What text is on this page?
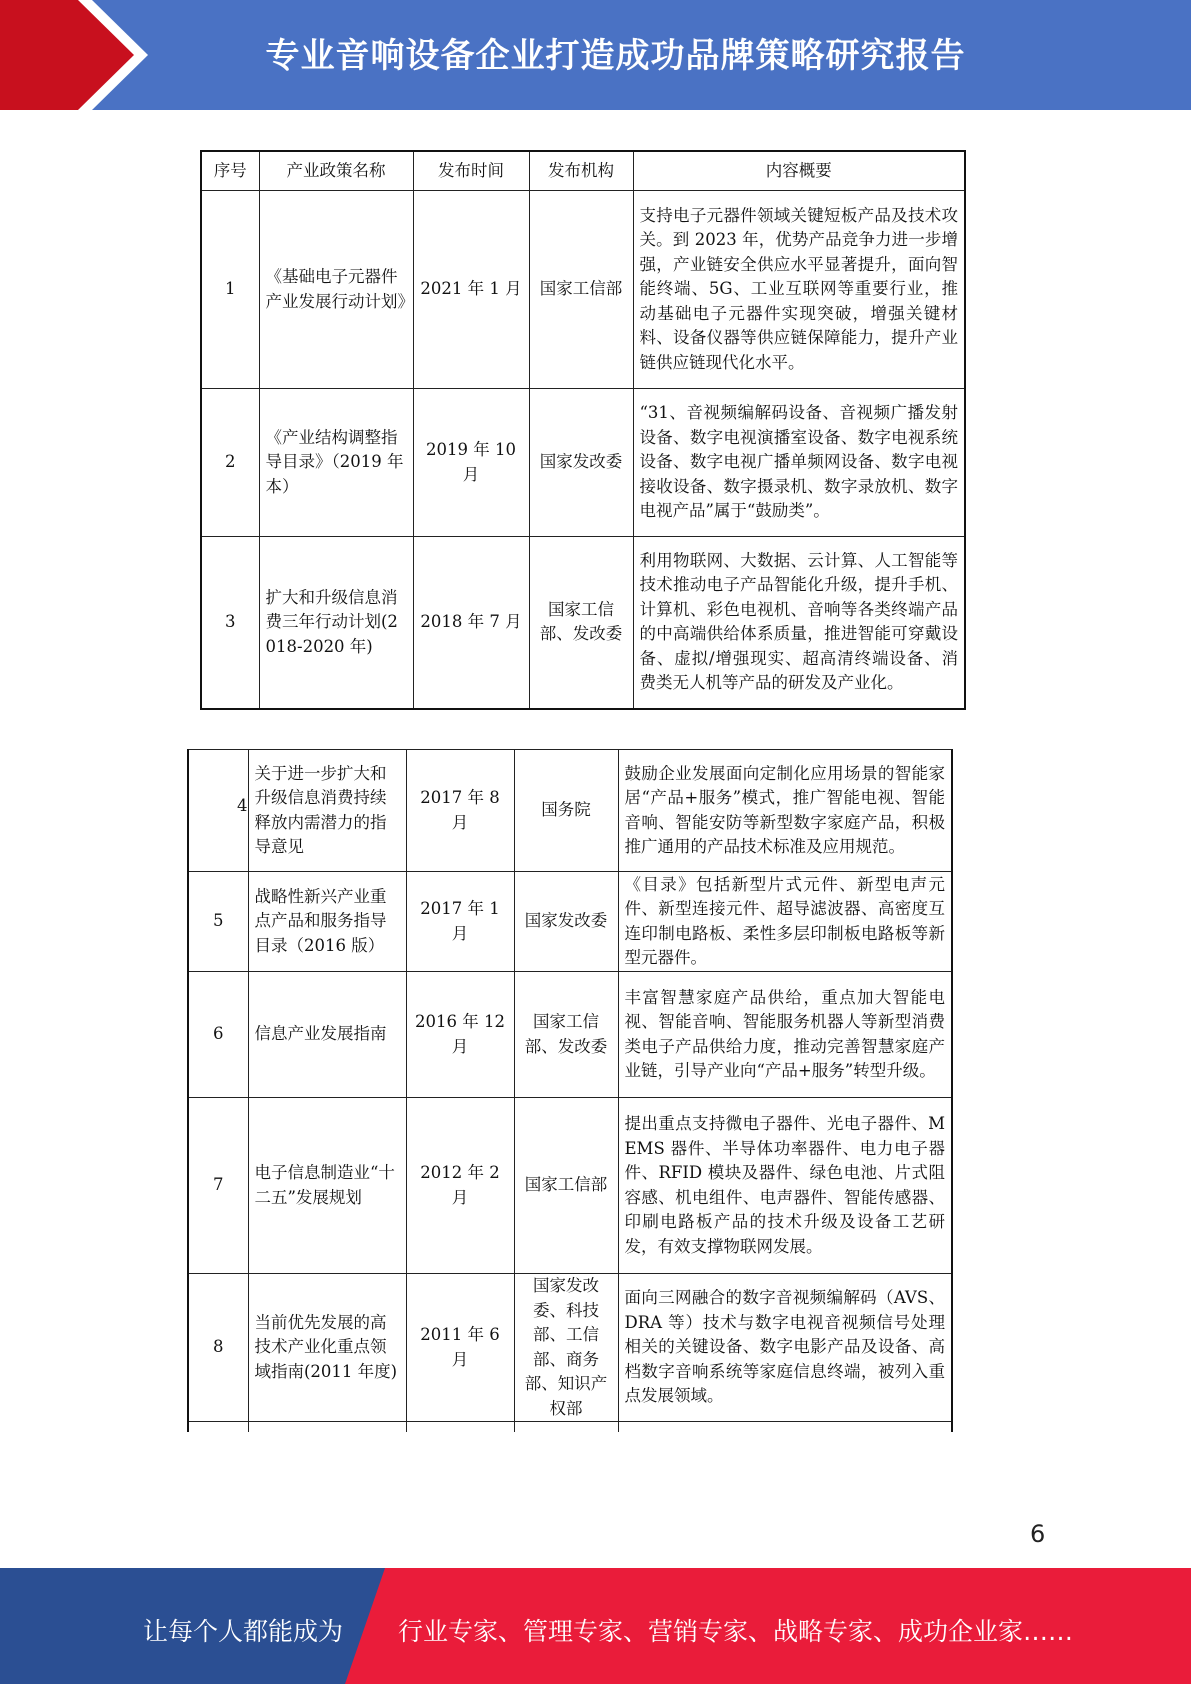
专业音响设备企业打造成功品牌策略研究报告
序号	产业政策名称	发布时间	发布机构	内容概要
1	《基础电子元器件产业发展行动计划》	2021 年 1 月	国家工信部	支持电子元器件领域关键短板产品及技术攻关。到 2023 年，优势产品竞争力进一步增强，产业链安全供应水平显著提升，面向智能终端、5G、工业互联网等重要行业，推动基础电子元器件实现突破，增强关键材料、设备仪器等供应链保障能力，提升产业链供应链现代化水平。
2	《产业结构调整指导目录》（2019 年本）	2019 年 10 月	国家发改委	“31、音视频编解码设备、音视频广播发射设备、数字电视演播室设备、数字电视系统设备、数字电视广播单频网设备、数字电视接收设备、数字摄录机、数字录放机、数字电视产品”属于“鼓励类”。
3	扩大和升级信息消费三年行动计划(2018-2020 年)	2018 年 7 月	国家工信部、发改委	利用物联网、大数据、云计算、人工智能等技术推动电子产品智能化升级，提升手机、计算机、彩色电视机、音响等各类终端产品的中高端供给体系质量，推进智能可穿戴设备、虚拟/增强现实、超高清终端设备、消费类无人机等产品的研发及产业化。
4	关于进一步扩大和升级信息消费持续释放内需潜力的指导意见	2017 年 8 月	国务院	鼓励企业发展面向定制化应用场景的智能家居“产品+服务”模式，推广智能电视、智能音响、智能安防等新型数字家庭产品，积极推广通用的产品技术标准及应用规范。
5	战略性新兴产业重点产品和服务指导目录（2016 版）	2017 年 1 月	国家发改委	《目录》包括新型片式元件、新型电声元件、新型连接元件、超导滤波器、高密度互连印制电路板、柔性多层印制板电路板等新型元器件。
6	信息产业发展指南	2016 年 12 月	国家工信部、发改委	丰富智慧家庭产品供给，重点加大智能电视、智能音响、智能服务机器人等新型消费类电子产品供给力度，推动完善智慧家庭产业链，引导产业向“产品+服务”转型升级。
7	电子信息制造业“十二五”发展规划	2012 年 2 月	国家工信部	提出重点支持微电子器件、光电子器件、MEMS 器件、半导体功率器件、电力电子器件、RFID 模块及器件、绿色电池、片式阻容感、机电组件、电声器件、智能传感器、印刷电路板产品的技术升级及设备工艺研发，有效支撑物联网发展。
8	当前优先发展的高技术产业化重点领域指南(2011 年度)	2011 年 6 月	国家发改委、科技部、工信部、商务部、知识产权部	面向三网融合的数字音视频编解码（AVS、DRA 等）技术与数字电视音视频信号处理相关的关键设备、数字电影产品及设备、高档数字音响系统等家庭信息终端，被列入重点发展领域。

6
让每个人都能成为 行业专家、管理专家、营销专家、战略专家、成功企业家……
